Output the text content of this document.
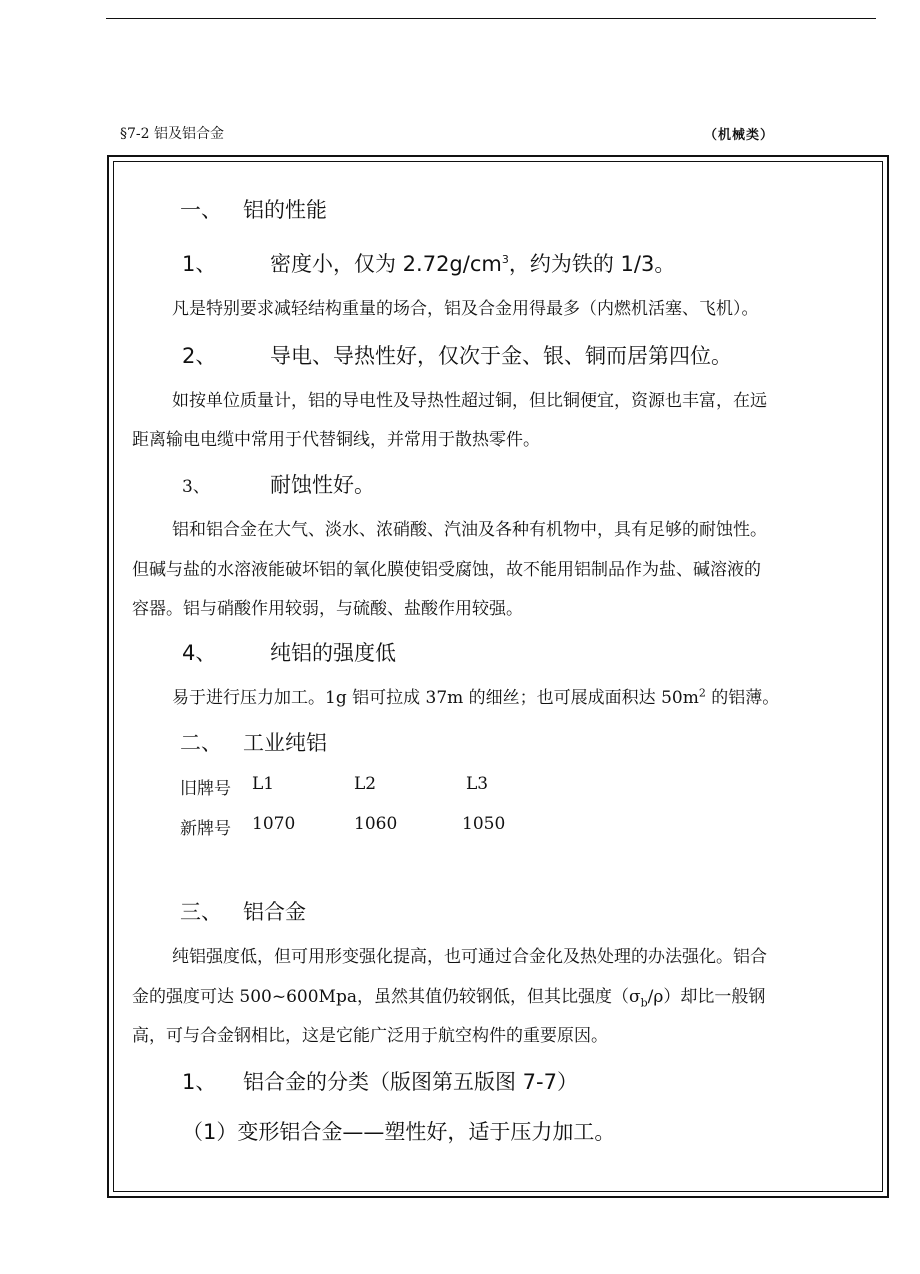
§7-2 铝及铝合金	（机械类）
一、 铝的性能
1、	密度小，仅为 $2.72g/cm^3$，约为铁的 1/3。
凡是特别要求减轻结构重量的场合，铝及合金用得最多（内燃机活塞、飞机）。
2、	导电、导热性好，仅次于金、银、铜而居第四位。
如按单位质量计，铝的导电性及导热性超过铜，但比铜便宜，资源也丰富，在远
距离输电电缆中常用于代替铜线，并常用于散热零件。
3、	耐蚀性好。
铝和铝合金在大气、淡水、浓硝酸、汽油及各种有机物中，具有足够的耐蚀性。
但碱与盐的水溶液能破坏铝的氧化膜使铝受腐蚀，故不能用铝制品作为盐、碱溶液的
容器。铝与硝酸作用较弱，与硫酸、盐酸作用较强。
4、	纯铝的强度低
易于进行压力加工。1g 铝可拉成 37m 的细丝；也可展成面积达 $50m^2$ 的铝薄。
二、 工业纯铝
旧牌号 L1	L2	L3
新牌号 1070	1060	1050
三、 铝合金
纯铝强度低，但可用形变强化提高，也可通过合金化及热处理的办法强化。铝合
金的强度可达 500~600Mpa，虽然其值仍较钢低，但其比强度$(\sigma_b/\rho)$却比一般钢
高，可与合金钢相比，这是它能广泛用于航空构件的重要原因。
1、 铝合金的分类（版图第五版图 7-7）
（1）变形铝合金——塑性好，适于压力加工。
